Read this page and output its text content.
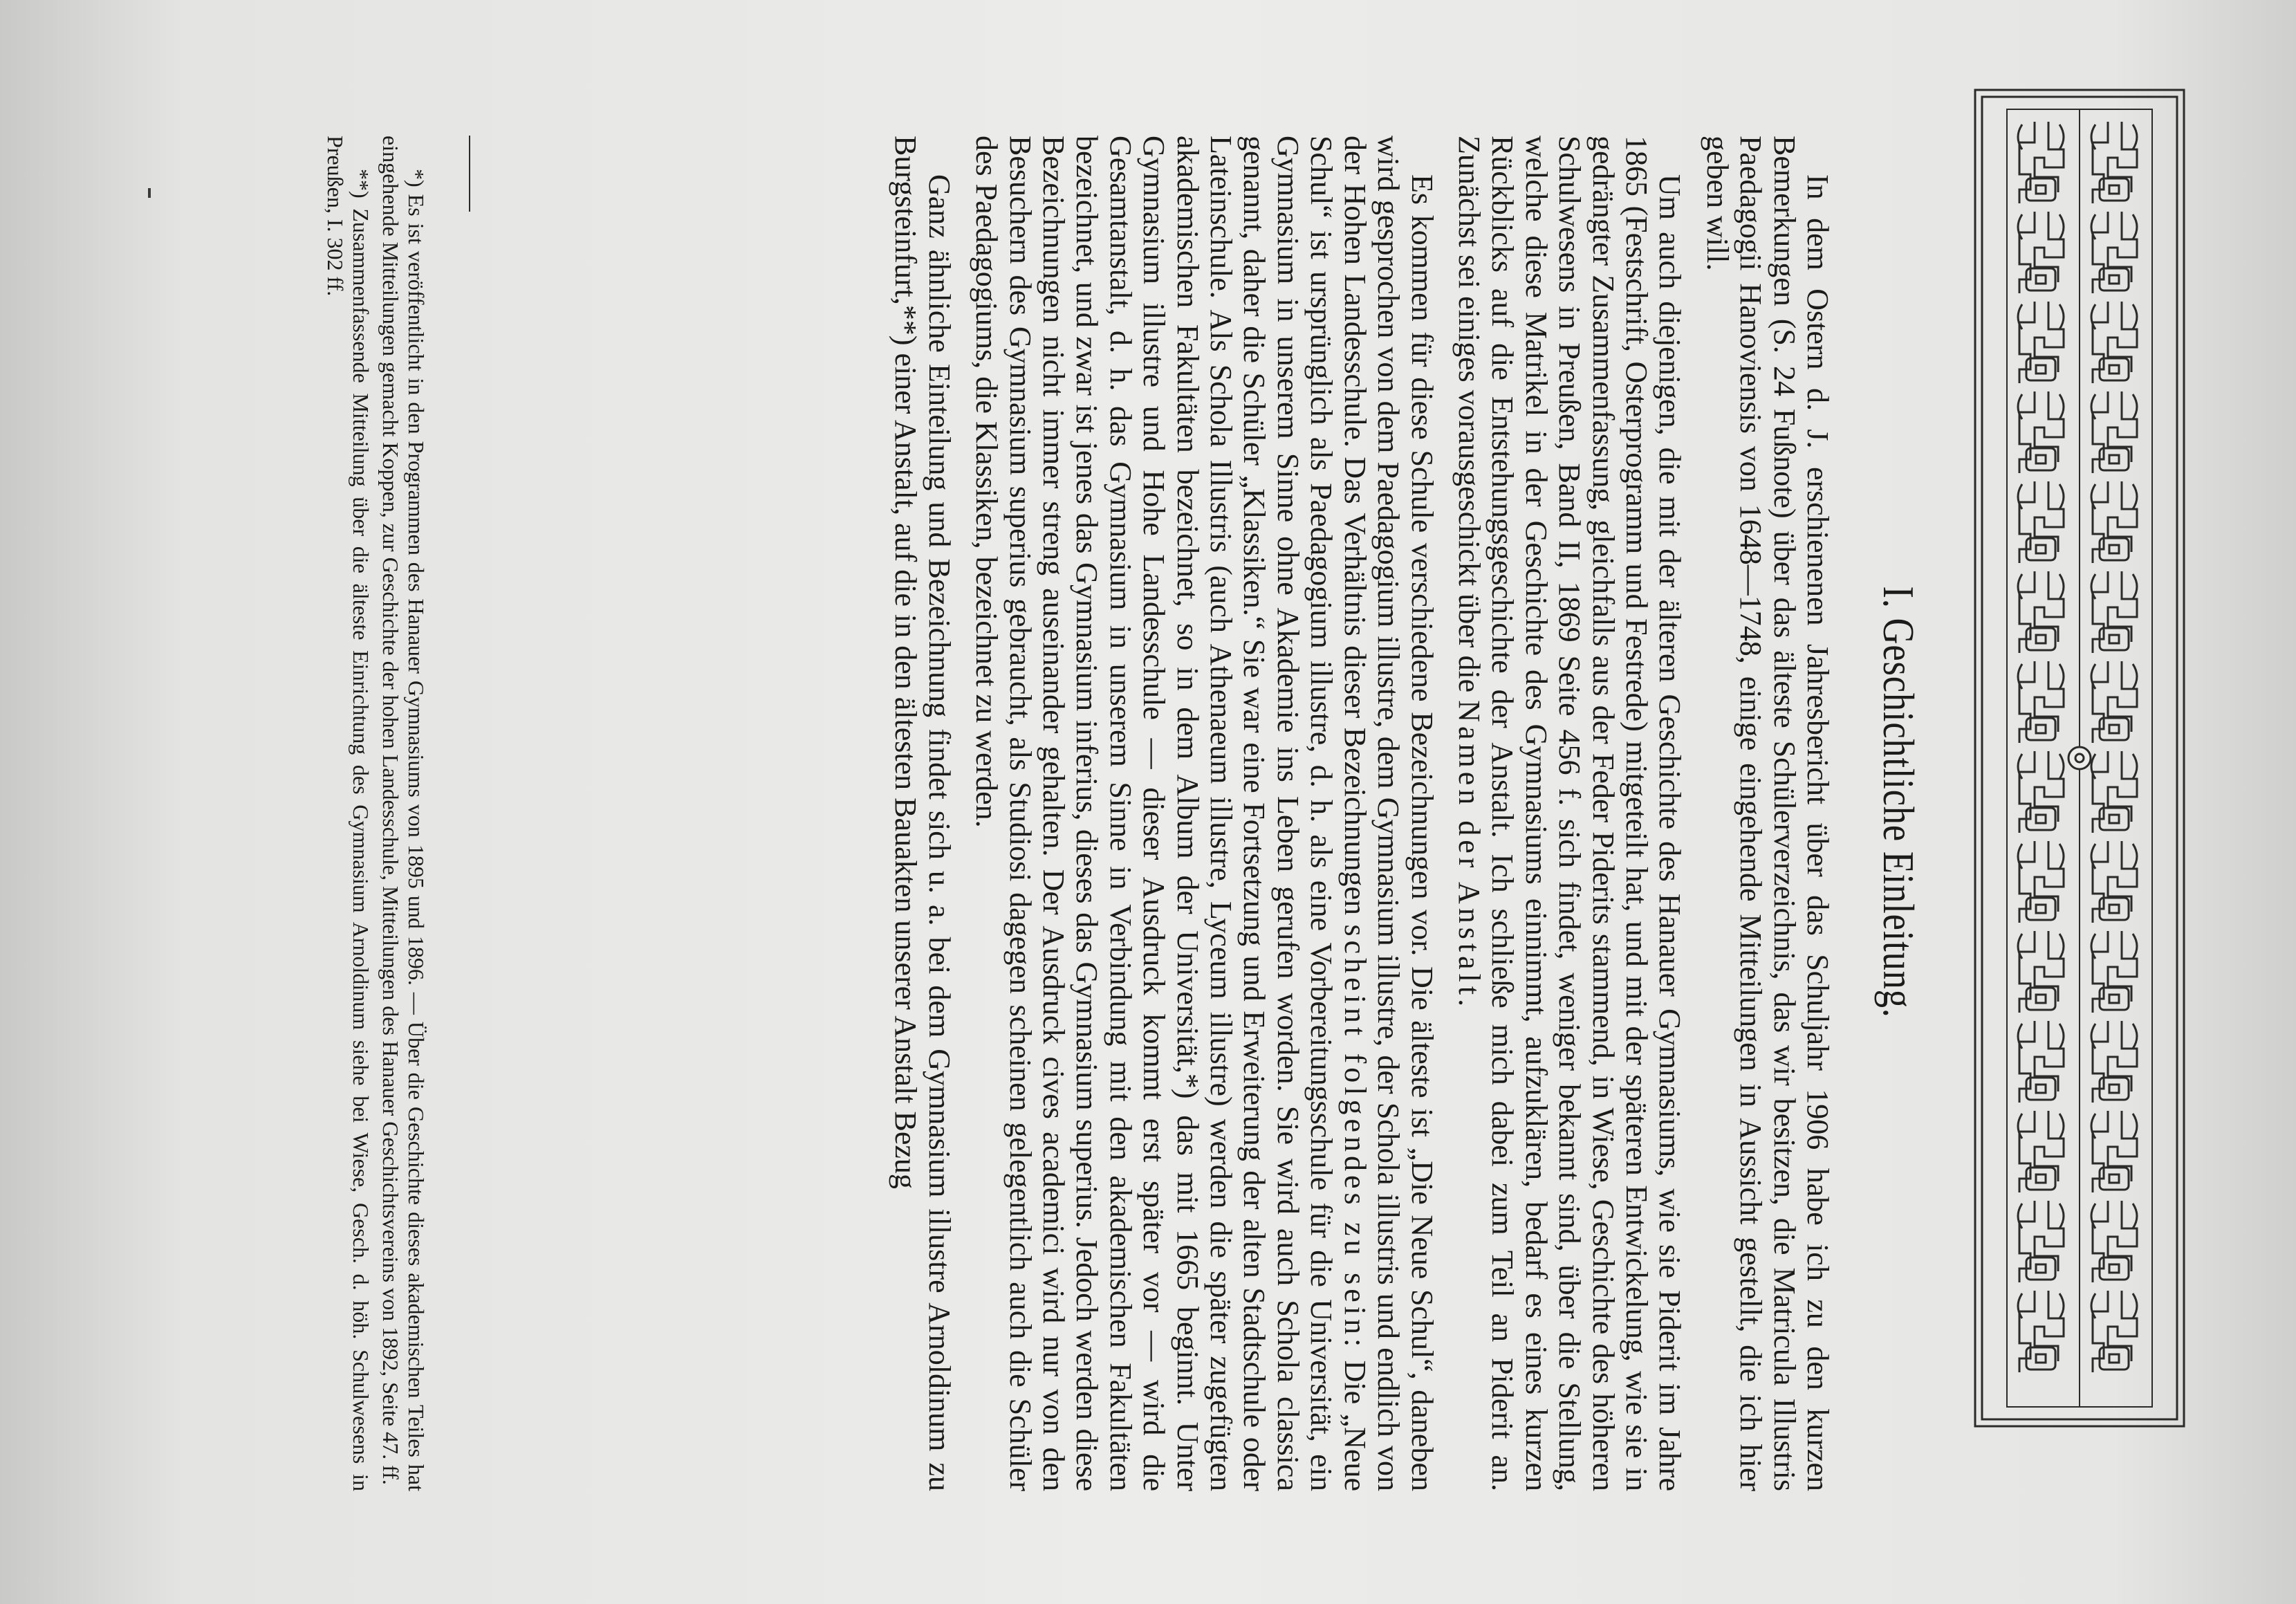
I. Geschichtliche Einleitung.

In dem Ostern d. J. erschienenen Jahresbericht über das Schuljahr 1906 habe ich zu den kurzen Bemerkungen (S. 24 Fußnote) über das älteste Schülerverzeichnis, das wir besitzen, die Matricula Illustris Paedagogii Hanoviensis von 1648—1748, einige eingehende Mitteilungen in Aussicht gestellt, die ich hier geben will.

Um auch diejenigen, die mit der älteren Geschichte des Hanauer Gymnasiums, wie sie Piderit im Jahre 1865 (Festschrift, Osterprogramm und Festrede) mitgeteilt hat, und mit der späteren Entwickelung, wie sie in gedrängter Zusammenfassung, gleichfalls aus der Feder Piderits stammend, in Wiese, Geschichte des höheren Schulwesens in Preußen, Band II, 1869 Seite 456 f. sich findet, weniger bekannt sind, über die Stellung, welche diese Matrikel in der Geschichte des Gymnasiums einnimmt, aufzuklären, bedarf es eines kurzen Rückblicks auf die Entstehungsgeschichte der Anstalt. Ich schließe mich dabei zum Teil an Piderit an. Zunächst sei einiges vorausgeschickt über die Namen der Anstalt.

Es kommen für diese Schule verschiedene Bezeichnungen vor. Die älteste ist „Die Neue Schul“, daneben wird gesprochen von dem Paedagogium illustre, dem Gymnasium illustre, der Schola illustris und endlich von der Hohen Landesschule. Das Verhältnis dieser Bezeichnungen scheint folgendes zu sein: Die „Neue Schul“ ist ursprünglich als Paedagogium illustre, d. h. als eine Vorbereitungsschule für die Universität, ein Gymnasium in unserem Sinne ohne Akademie ins Leben gerufen worden. Sie wird auch Schola classica genannt, daher die Schüler „Klassiken.“ Sie war eine Fortsetzung und Erweiterung der alten Stadtschule oder Lateinschule. Als Schola Illustris (auch Athenaeum illustre, Lyceum illustre) werden die später zugefügten akademischen Fakultäten bezeichnet, so in dem Album der Universität,*) das mit 1665 beginnt. Unter Gymnasium illustre und Hohe Landesschule — dieser Ausdruck kommt erst später vor — wird die Gesamtanstalt, d. h. das Gymnasium in unserem Sinne in Verbindung mit den akademischen Fakultäten bezeichnet, und zwar ist jenes das Gymnasium inferius, dieses das Gymnasium superius. Jedoch werden diese Bezeichnungen nicht immer streng auseinander gehalten. Der Ausdruck cives academici wird nur von den Besuchern des Gymnasium superius gebraucht, als Studiosi dagegen scheinen gelegentlich auch die Schüler des Paedagogiums, die Klassiken, bezeichnet zu werden.

Ganz ähnliche Einteilung und Bezeichnung findet sich u. a. bei dem Gymnasium illustre Arnoldinum zu Burgsteinfurt,**) einer Anstalt, auf die in den ältesten Bauakten unserer Anstalt Bezug

*) Es ist veröffentlicht in den Programmen des Hanauer Gymnasiums von 1895 und 1896. — Über die Geschichte dieses akademischen Teiles hat eingehende Mitteilungen gemacht Koppen, zur Geschichte der hohen Landesschule, Mitteilungen des Hanauer Geschichtsvereins von 1892, Seite 47. ff.

**) Zusammenfassende Mitteilung über die älteste Einrichtung des Gymnasium Arnoldinum siehe bei Wiese, Gesch. d. höh. Schulwesens in Preußen, I. 302 ff.
